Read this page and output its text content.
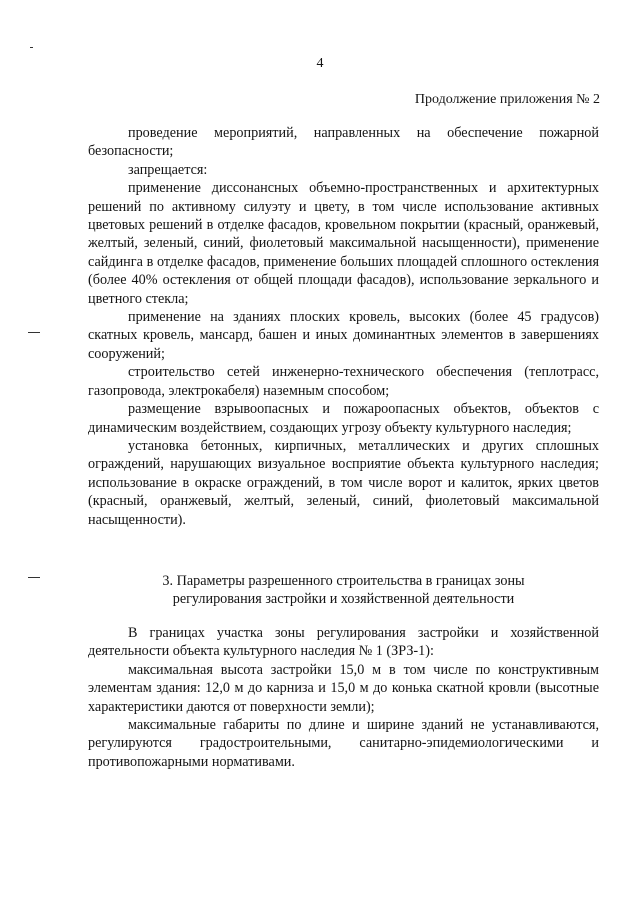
4
Продолжение приложения № 2

проведение мероприятий, направленных на обеспечение пожарной безопасности;

запрещается:

применение диссонансных объемно-пространственных и архитектурных решений по активному силуэту и цвету, в том числе использование активных цветовых решений в отделке фасадов, кровельном покрытии (красный, оранжевый, желтый, зеленый, синий, фиолетовый максимальной насыщенности), применение сайдинга в отделке фасадов, применение больших площадей сплошного остекления (более 40% остекления от общей площади фасадов), использование зеркального и цветного стекла;

применение на зданиях плоских кровель, высоких (более 45 градусов) скатных кровель, мансард, башен и иных доминантных элементов в завершениях сооружений;

строительство сетей инженерно-технического обеспечения (теплотрасс, газопровода, электрокабеля) наземным способом;

размещение взрывоопасных и пожароопасных объектов, объектов с динамическим воздействием, создающих угрозу объекту культурного наследия;

установка бетонных, кирпичных, металлических и других сплошных ограждений, нарушающих визуальное восприятие объекта культурного наследия; использование в окраске ограждений, в том числе ворот и калиток, ярких цветов (красный, оранжевый, желтый, зеленый, синий, фиолетовый максимальной насыщенности).

3. Параметры разрешенного строительства в границах зоны
регулирования застройки и хозяйственной деятельности

В границах участка зоны регулирования застройки и хозяйственной деятельности объекта культурного наследия № 1 (ЗРЗ-1):

максимальная высота застройки 15,0 м в том числе по конструктивным элементам здания: 12,0 м до карниза и 15,0 м до конька скатной кровли (высотные характеристики даются от поверхности земли);

максимальные габариты по длине и ширине зданий не устанавливаются, регулируются градостроительными, санитарно-эпидемиологическими и противопожарными нормативами.
